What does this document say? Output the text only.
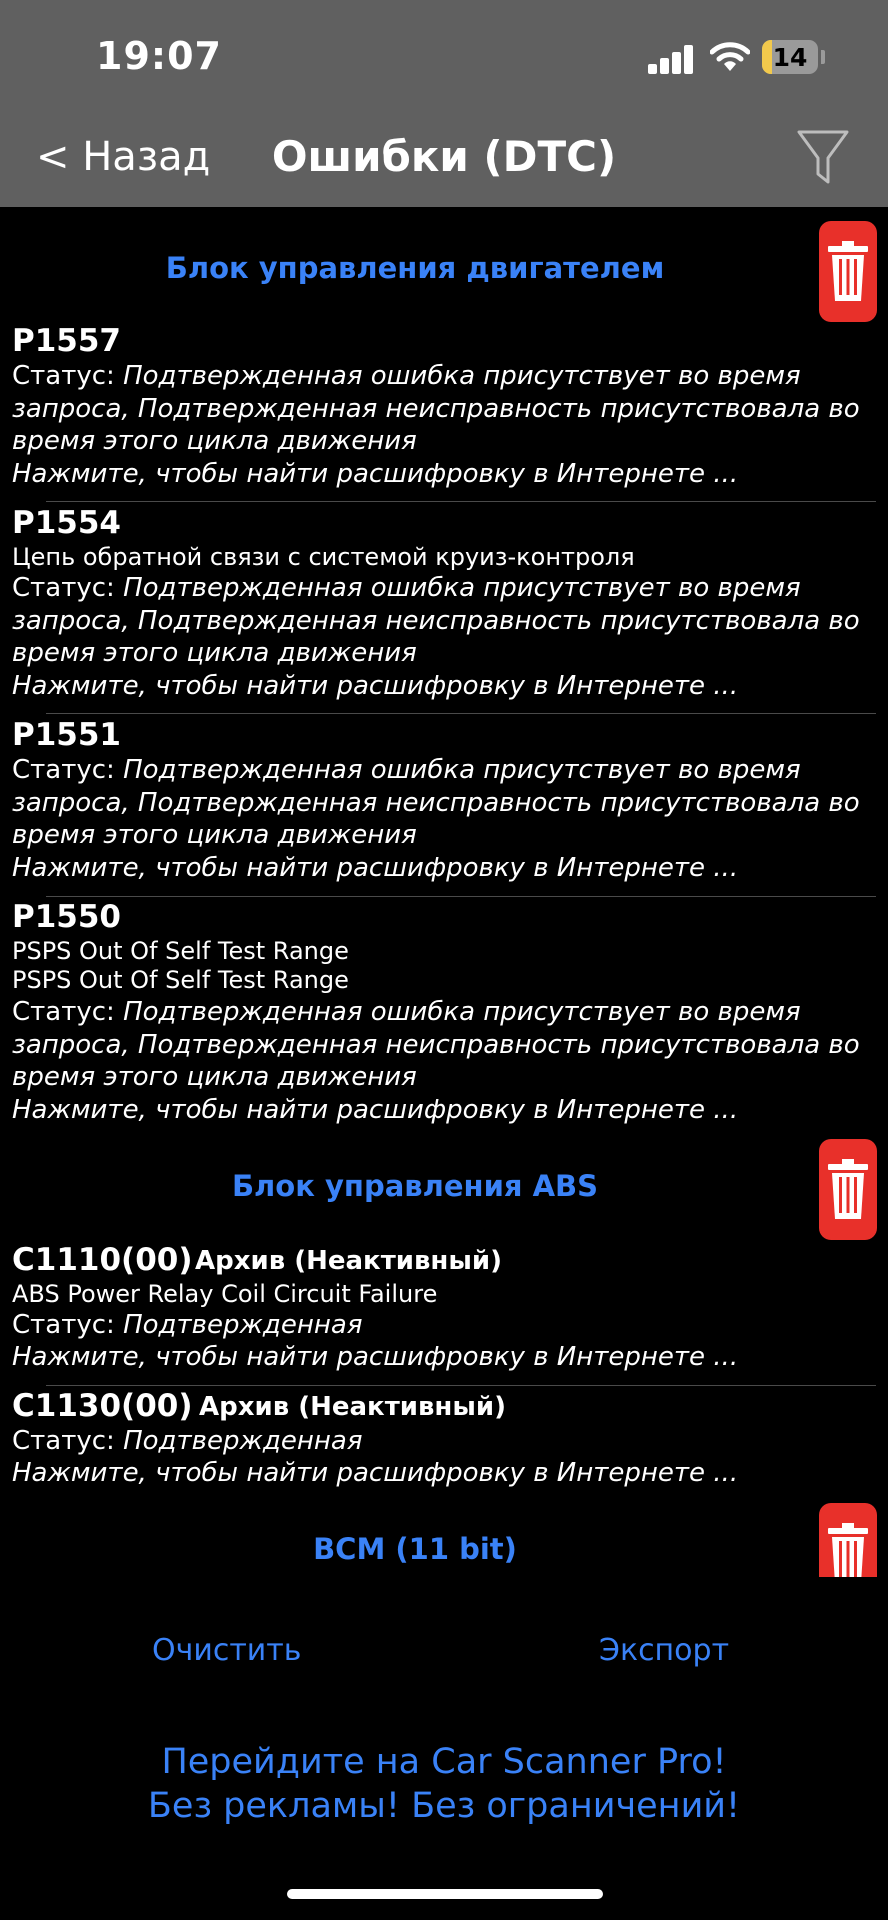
19:07	14
< Назад	Ошибки (DTC)
Блок управления двигателем
P1557
Статус: Подтвержденная ошибка присутствует во время
запроса, Подтвержденная неисправность присутствовала во
время этого цикла движения
Нажмите, чтобы найти расшифровку в Интернете ...
P1554
Цепь обратной связи с системой круиз-контроля
Статус: Подтвержденная ошибка присутствует во время
запроса, Подтвержденная неисправность присутствовала во
время этого цикла движения
Нажмите, чтобы найти расшифровку в Интернете ...
P1551
Статус: Подтвержденная ошибка присутствует во время
запроса, Подтвержденная неисправность присутствовала во
время этого цикла движения
Нажмите, чтобы найти расшифровку в Интернете ...
P1550
PSPS Out Of Self Test Range
PSPS Out Of Self Test Range
Статус: Подтвержденная ошибка присутствует во время
запроса, Подтвержденная неисправность присутствовала во
время этого цикла движения
Нажмите, чтобы найти расшифровку в Интернете ...
Блок управления ABS
C1110(00) Архив (Неактивный)
ABS Power Relay Coil Circuit Failure
Статус: Подтвержденная
Нажмите, чтобы найти расшифровку в Интернете ...
C1130(00) Архив (Неактивный)
Статус: Подтвержденная
Нажмите, чтобы найти расшифровку в Интернете ...
BCM (11 bit)
Очистить	Экспорт
Перейдите на Car Scanner Pro!
Без рекламы! Без ограничений!
